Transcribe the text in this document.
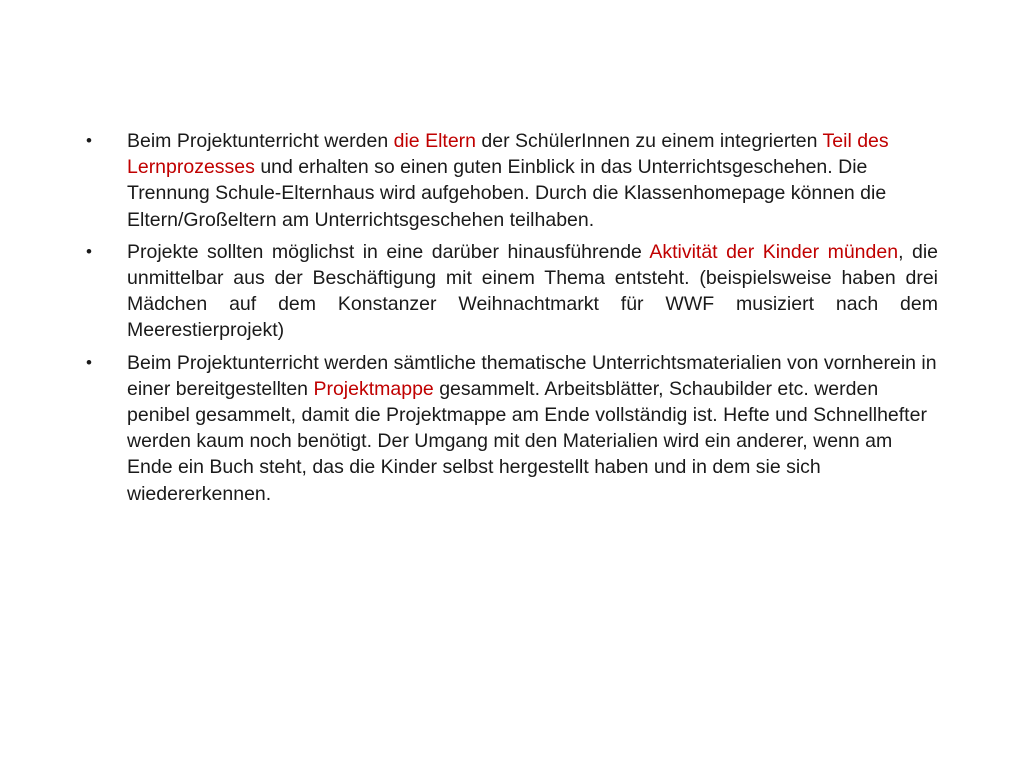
•	Beim Projektunterricht werden die Eltern der SchülerInnen zu einem integrierten Teil des Lernprozesses und erhalten so einen guten Einblick in das Unterrichtsgeschehen. Die Trennung Schule-Elternhaus wird aufgehoben. Durch die Klassenhomepage können die Eltern/Großeltern am Unterrichtsgeschehen teilhaben.
•	Projekte sollten möglichst in eine darüber hinausführende Aktivität der Kinder münden, die unmittelbar aus der Beschäftigung mit einem Thema entsteht. (beispielsweise haben drei Mädchen auf dem Konstanzer Weihnachtmarkt für WWF musiziert nach dem Meerestierprojekt)
•	Beim Projektunterricht werden sämtliche thematische Unterrichtsmaterialien von vornherein in einer bereitgestellten Projektmappe gesammelt. Arbeitsblätter, Schaubilder etc. werden penibel gesammelt, damit die Projektmappe am Ende vollständig ist. Hefte und Schnellhefter werden kaum noch benötigt. Der Umgang mit den Materialien wird ein anderer, wenn am Ende ein Buch steht, das die Kinder selbst hergestellt haben und in dem sie sich wiedererkennen.
